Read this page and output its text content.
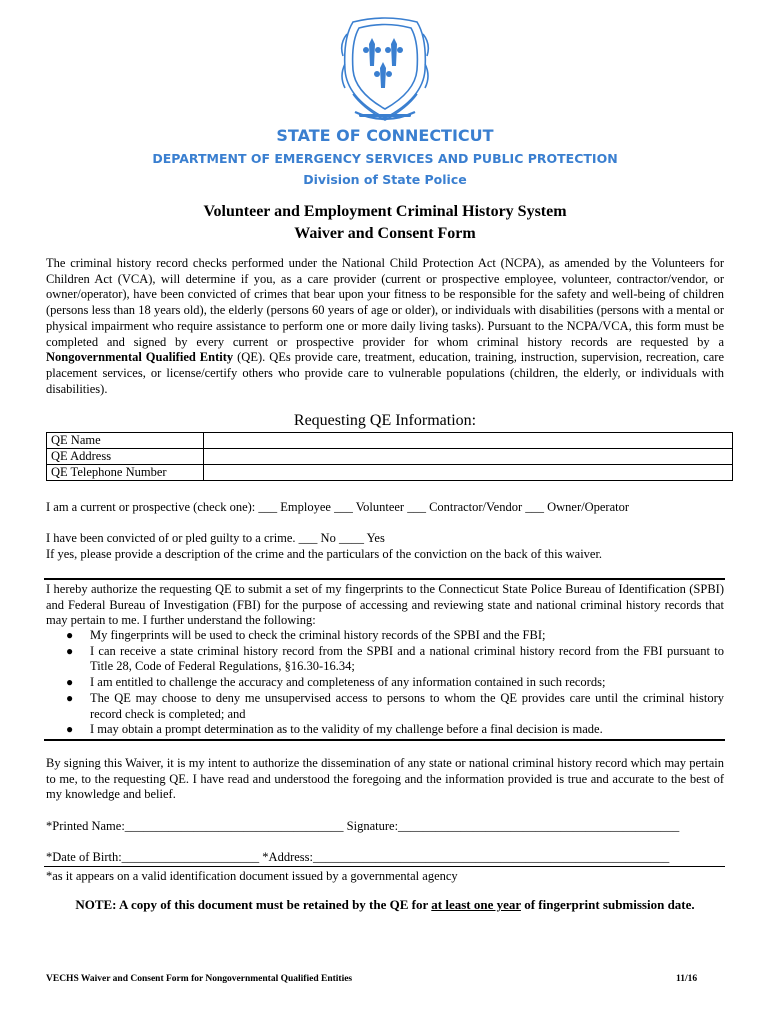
STATE OF CONNECTICUT
DEPARTMENT OF EMERGENCY SERVICES AND PUBLIC PROTECTION
Division of State Police
Volunteer and Employment Criminal History System
Waiver and Consent Form
The criminal history record checks performed under the National Child Protection Act (NCPA), as amended by the Volunteers for Children Act (VCA), will determine if you, as a care provider (current or prospective employee, volunteer, contractor/vendor, or owner/operator), have been convicted of crimes that bear upon your fitness to be responsible for the safety and well-being of children (persons less than 18 years old), the elderly (persons 60 years of age or older), or individuals with disabilities (persons with a mental or physical impairment who require assistance to perform one or more daily living tasks). Pursuant to the NCPA/VCA, this form must be completed and signed by every current or prospective provider for whom criminal history records are requested by a Nongovernmental Qualified Entity (QE). QEs provide care, treatment, education, training, instruction, supervision, recreation, care placement services, or license/certify others who provide care to vulnerable populations (children, the elderly, or individuals with disabilities).
Requesting QE Information:
QE Name	
QE Address	
QE Telephone Number	
I am a current or prospective (check one): ___ Employee ___ Volunteer ___ Contractor/Vendor ___ Owner/Operator
I have been convicted of or pled guilty to a crime. ___ No ____ Yes
If yes, please provide a description of the crime and the particulars of the conviction on the back of this waiver.
I hereby authorize the requesting QE to submit a set of my fingerprints to the Connecticut State Police Bureau of Identification (SPBI) and Federal Bureau of Investigation (FBI) for the purpose of accessing and reviewing state and national criminal history records that may pertain to me. I further understand the following:
● My fingerprints will be used to check the criminal history records of the SPBI and the FBI;
● I can receive a state criminal history record from the SPBI and a national criminal history record from the FBI pursuant to Title 28, Code of Federal Regulations, §16.30-16.34;
● I am entitled to challenge the accuracy and completeness of any information contained in such records;
● The QE may choose to deny me unsupervised access to persons to whom the QE provides care until the criminal history record check is completed; and
● I may obtain a prompt determination as to the validity of my challenge before a final decision is made.
By signing this Waiver, it is my intent to authorize the dissemination of any state or national criminal history record which may pertain to me, to the requesting QE. I have read and understood the foregoing and the information provided is true and accurate to the best of my knowledge and belief.
*Printed Name:___________________________________ Signature:_____________________________________________
*Date of Birth:______________________ *Address:_________________________________________________________
*as it appears on a valid identification document issued by a governmental agency
NOTE: A copy of this document must be retained by the QE for at least one year of fingerprint submission date.
VECHS Waiver and Consent Form for Nongovernmental Qualified Entities	11/16
